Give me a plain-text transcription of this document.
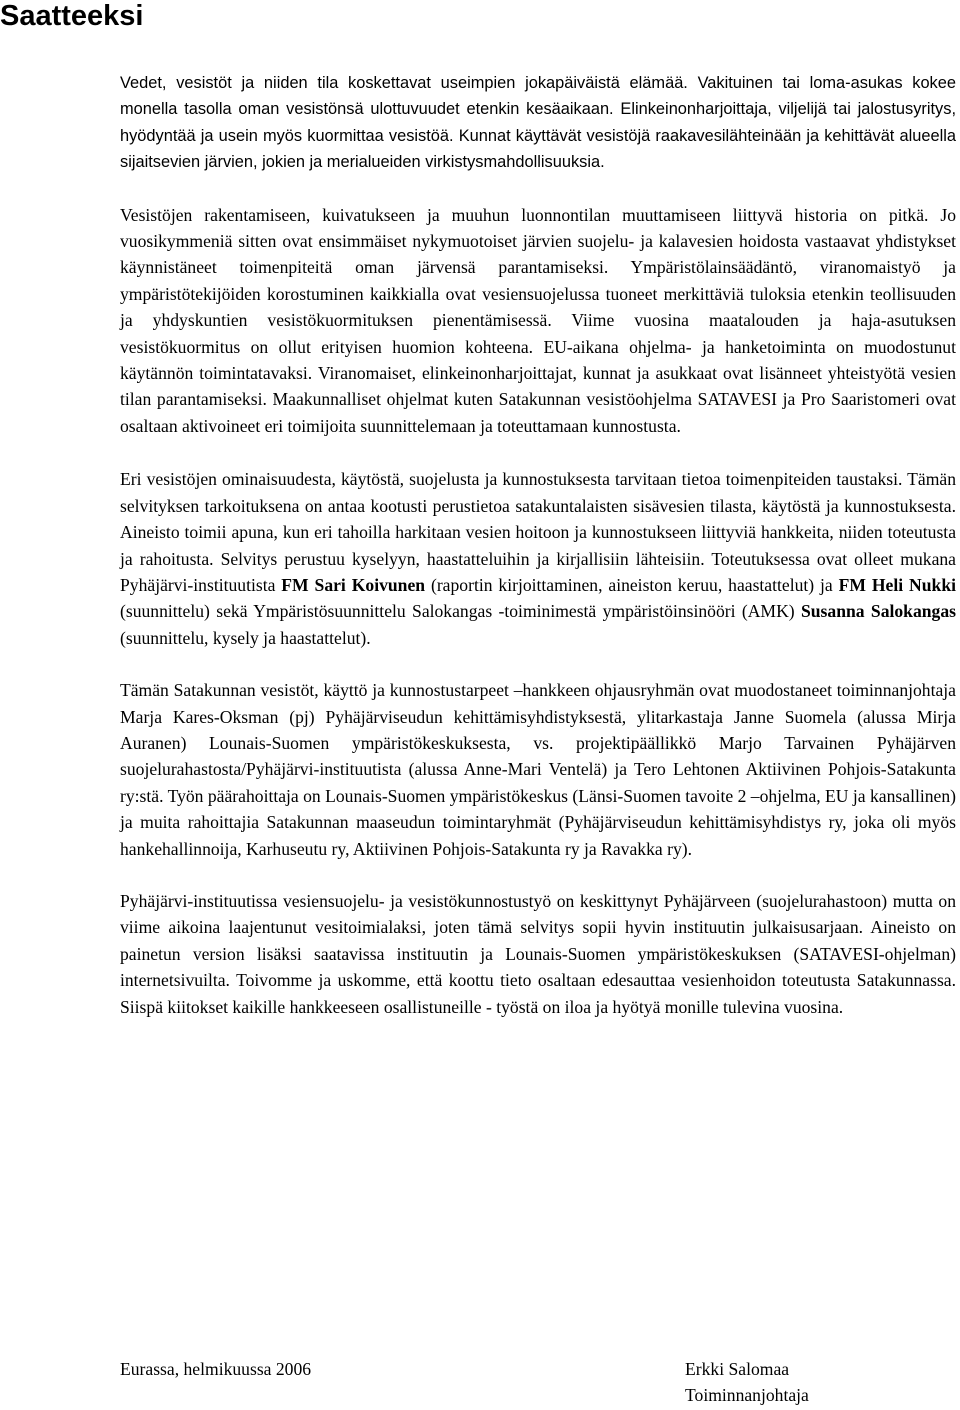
Saatteeksi

Vedet, vesistöt ja niiden tila koskettavat useimpien jokapäiväistä elämää. Vakituinen tai loma-asukas kokee monella tasolla oman vesistönsä ulottuvuudet etenkin kesäaikaan. Elinkeinonharjoittaja, viljelijä tai jalostusyritys, hyödyntää ja usein myös kuormittaa vesistöä. Kunnat käyttävät vesistöjä raakavesilähteinään ja kehittävät alueella sijaitsevien järvien, jokien ja merialueiden virkistysmahdollisuuksia.

Vesistöjen rakentamiseen, kuivatukseen ja muuhun luonnontilan muuttamiseen liittyvä historia on pitkä. Jo vuosikymmeniä sitten ovat ensimmäiset nykymuotoiset järvien suojelu- ja kalavesien hoidosta vastaavat yhdistykset käynnistäneet toimenpiteitä oman järvensä parantamiseksi. Ympäristölainsäädäntö, viranomaistyö ja ympäristötekijöiden korostuminen kaikkialla ovat vesiensuojelussa tuoneet merkittäviä tuloksia etenkin teollisuuden ja yhdyskuntien vesistökuormituksen pienentämisessä. Viime vuosina maatalouden ja haja-asutuksen vesistökuormitus on ollut erityisen huomion kohteena. EU-aikana ohjelma- ja hanketoiminta on muodostunut käytännön toimintatavaksi. Viranomaiset, elinkeinonharjoittajat, kunnat ja asukkaat ovat lisänneet yhteistyötä vesien tilan parantamiseksi. Maakunnalliset ohjelmat kuten Satakunnan vesistöohjelma SATAVESI ja Pro Saaristomeri ovat osaltaan aktivoineet eri toimijoita suunnittelemaan ja toteuttamaan kunnostusta.

Eri vesistöjen ominaisuudesta, käytöstä, suojelusta ja kunnostuksesta tarvitaan tietoa toimenpiteiden taustaksi. Tämän selvityksen tarkoituksena on antaa kootusti perustietoa satakuntalaisten sisävesien tilasta, käytöstä ja kunnostuksesta. Aineisto toimii apuna, kun eri tahoilla harkitaan vesien hoitoon ja kunnostukseen liittyviä hankkeita, niiden toteutusta ja rahoitusta. Selvitys perustuu kyselyyn, haastatteluihin ja kirjallisiin lähteisiin. Toteutuksessa ovat olleet mukana Pyhäjärvi-instituutista FM Sari Koivunen (raportin kirjoittaminen, aineiston keruu, haastattelut) ja FM Heli Nukki (suunnittelu) sekä Ympäristösuunnittelu Salokangas -toiminimestä ympäristöinsinööri (AMK) Susanna Salokangas (suunnittelu, kysely ja haastattelut).

Tämän Satakunnan vesistöt, käyttö ja kunnostustarpeet –hankkeen ohjausryhmän ovat muodostaneet toiminnanjohtaja Marja Kares-Oksman (pj) Pyhäjärviseudun kehittämisyhdistyksestä, ylitarkastaja Janne Suomela (alussa Mirja Auranen) Lounais-Suomen ympäristökeskuksesta, vs. projektipäällikkö Marjo Tarvainen Pyhäjärven suojelurahastosta/Pyhäjärvi-instituutista (alussa Anne-Mari Ventelä) ja Tero Lehtonen Aktiivinen Pohjois-Satakunta ry:stä. Työn päärahoittaja on Lounais-Suomen ympäristökeskus (Länsi-Suomen tavoite 2 –ohjelma, EU ja kansallinen) ja muita rahoittajia Satakunnan maaseudun toimintaryhmät (Pyhäjärviseudun kehittämisyhdistys ry, joka oli myös hankehallinnoija, Karhuseutu ry, Aktiivinen Pohjois-Satakunta ry ja Ravakka ry).

Pyhäjärvi-instituutissa vesiensuojelu- ja vesistökunnostustyö on keskittynyt Pyhäjärveen (suojelurahastoon) mutta on viime aikoina laajentunut vesitoimialaksi, joten tämä selvitys sopii hyvin instituutin julkaisusarjaan. Aineisto on painetun version lisäksi saatavissa instituutin ja Lounais-Suomen ympäristökeskuksen (SATAVESI-ohjelman) internetsivuilta. Toivomme ja uskomme, että koottu tieto osaltaan edesauttaa vesienhoidon toteutusta Satakunnassa. Siispä kiitokset kaikille hankkeeseen osallistuneille - työstä on iloa ja hyötyä monille tulevina vuosina.

Eurassa, helmikuussa 2006	Erkki Salomaa
Toiminnanjohtaja
